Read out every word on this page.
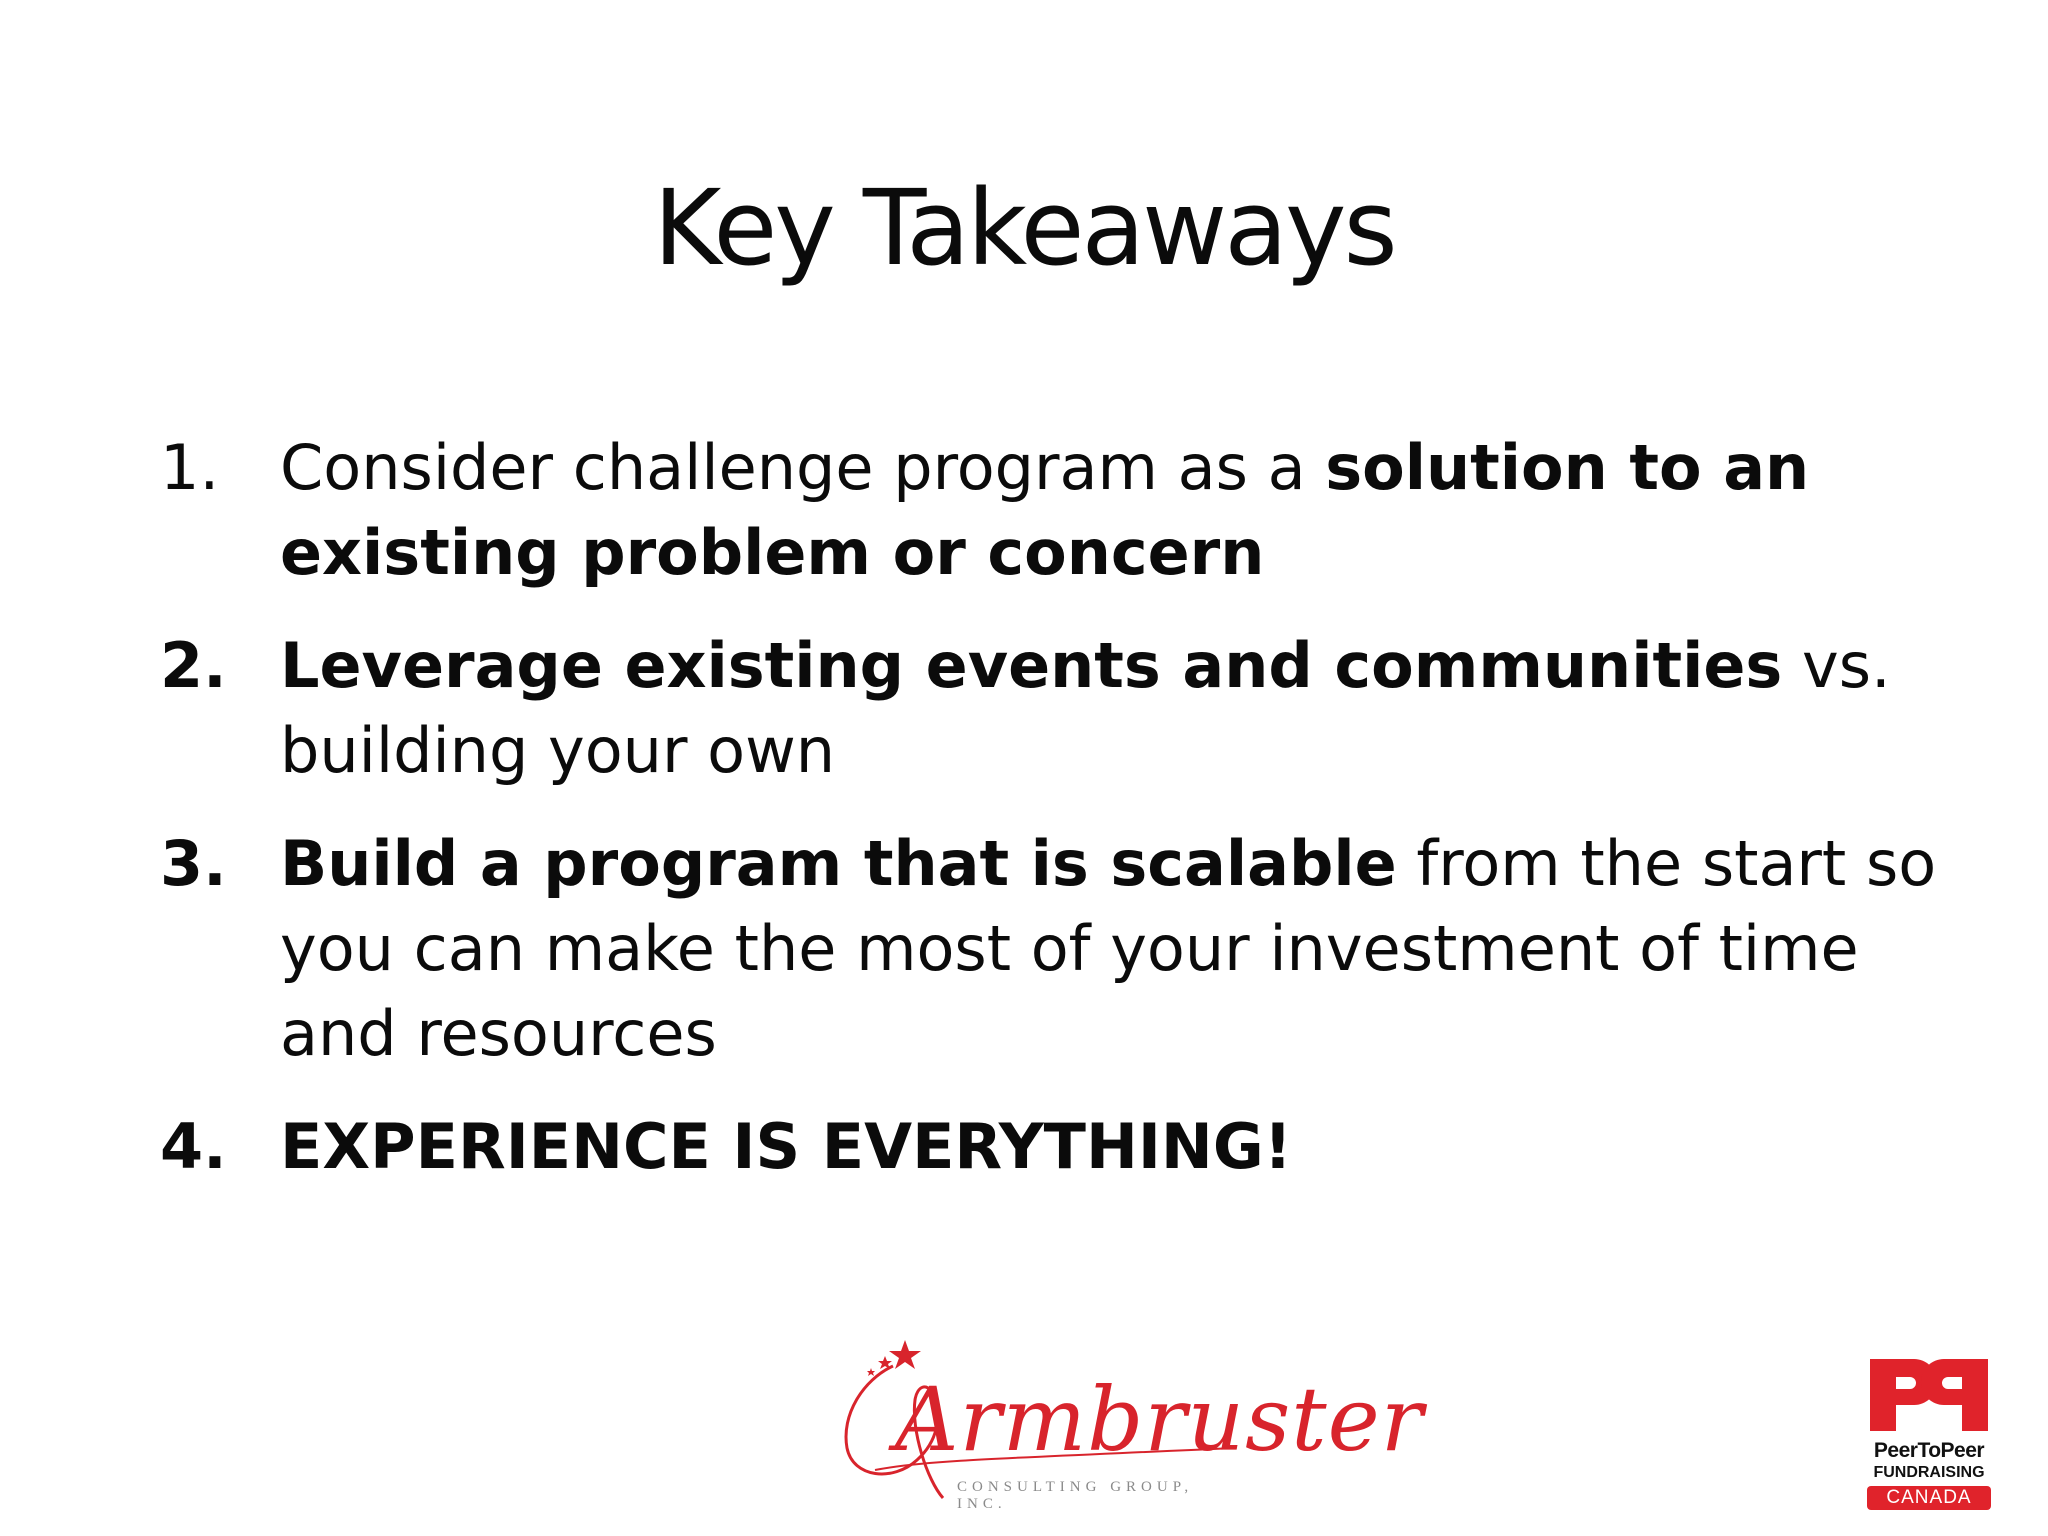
Key Takeaways
1. Consider challenge program as a solution to an existing problem or concern
2. Leverage existing events and communities vs. building your own
3. Build a program that is scalable from the start so you can make the most of your investment of time and resources
4. EXPERIENCE IS EVERYTHING!
Armbruster
CONSULTING GROUP, INC.
PeerToPeer
FUNDRAISING
CANADA
